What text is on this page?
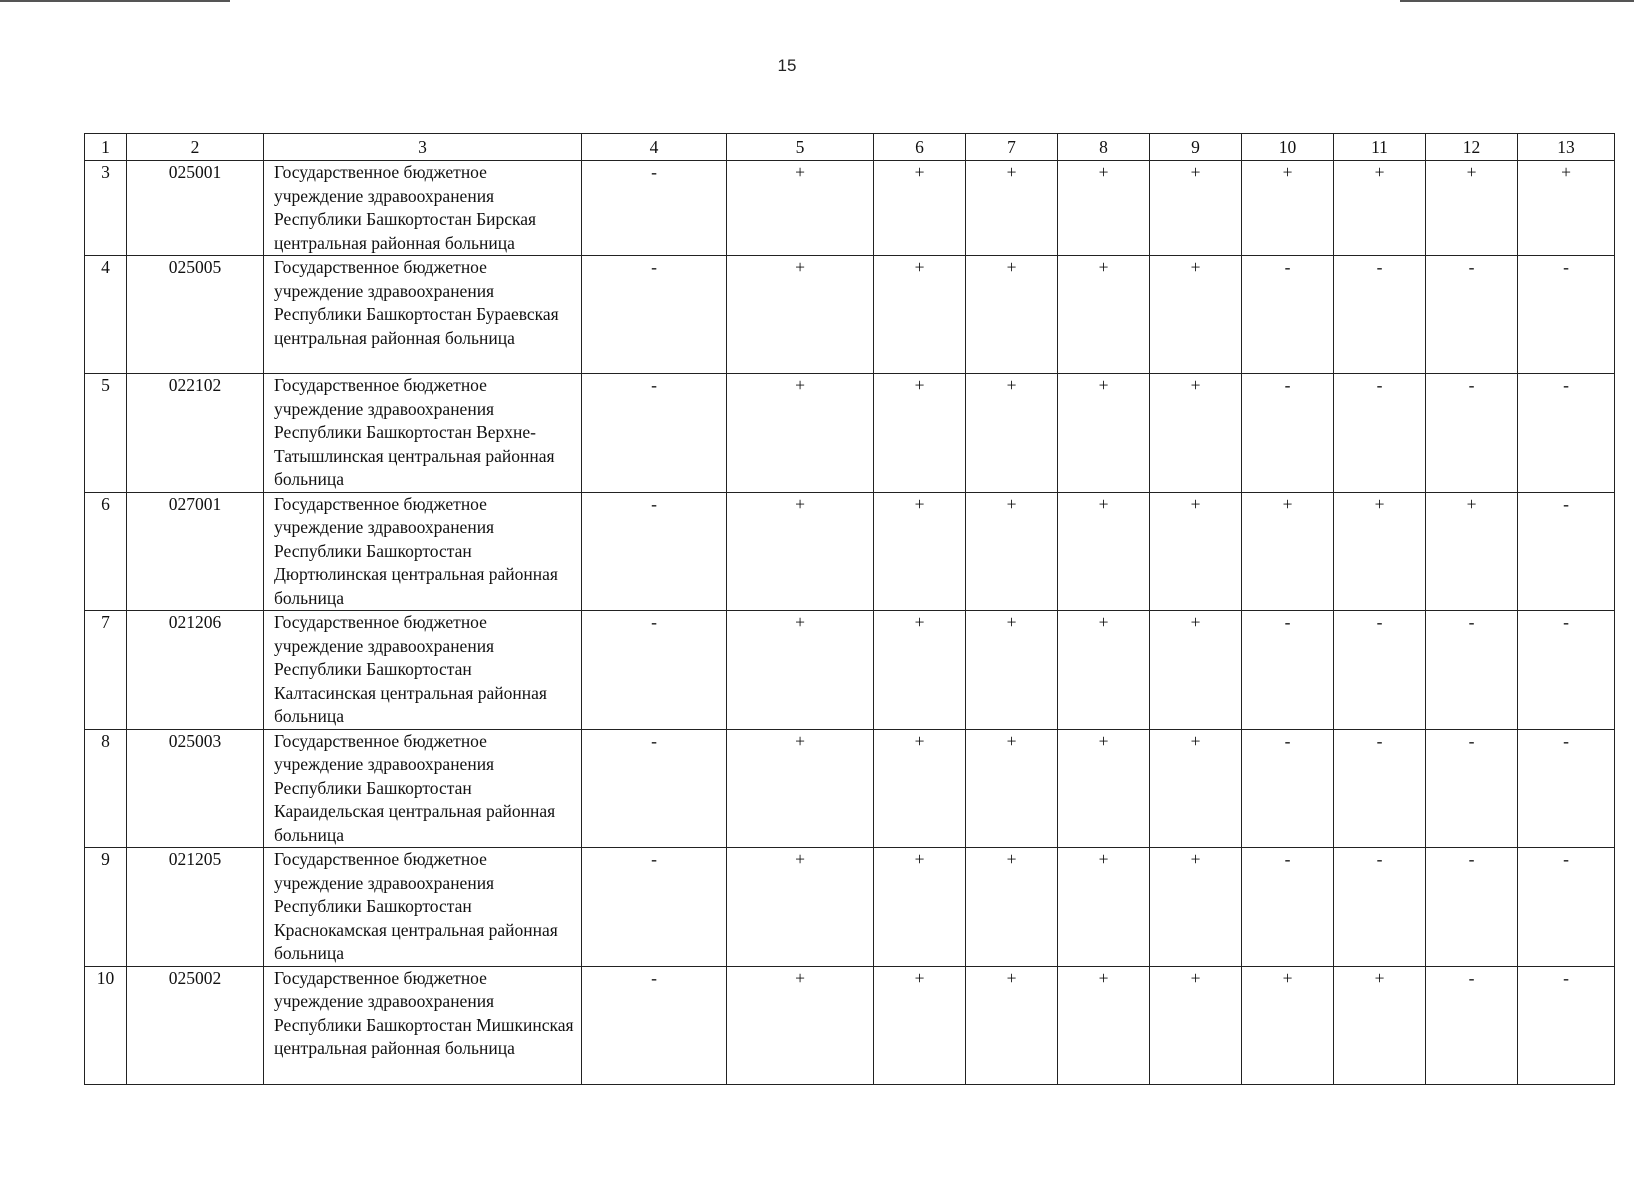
15
1	2	3	4	5	6	7	8	9	10	11	12	13
3	025001	Государственное бюджетное учреждение здравоохранения Республики Башкортостан Бирская центральная районная больница	-	+	+	+	+	+	+	+	+	+
4	025005	Государственное бюджетное учреждение здравоохранения Республики Башкортостан Бураевская центральная районная больница	-	+	+	+	+	+	-	-	-	-
5	022102	Государственное бюджетное учреждение здравоохранения Республики Башкортостан Верхне-Татышлинская центральная районная больница	-	+	+	+	+	+	-	-	-	-
6	027001	Государственное бюджетное учреждение здравоохранения Республики Башкортостан Дюртюлинская центральная районная больница	-	+	+	+	+	+	+	+	+	-
7	021206	Государственное бюджетное учреждение здравоохранения Республики Башкортостан Калтасинская центральная районная больница	-	+	+	+	+	+	-	-	-	-
8	025003	Государственное бюджетное учреждение здравоохранения Республики Башкортостан Караидельская центральная районная больница	-	+	+	+	+	+	-	-	-	-
9	021205	Государственное бюджетное учреждение здравоохранения Республики Башкортостан Краснокамская центральная районная больница	-	+	+	+	+	+	-	-	-	-
10	025002	Государственное бюджетное учреждение здравоохранения Республики Башкортостан Мишкинская центральная районная больница	-	+	+	+	+	+	+	+	-	-
